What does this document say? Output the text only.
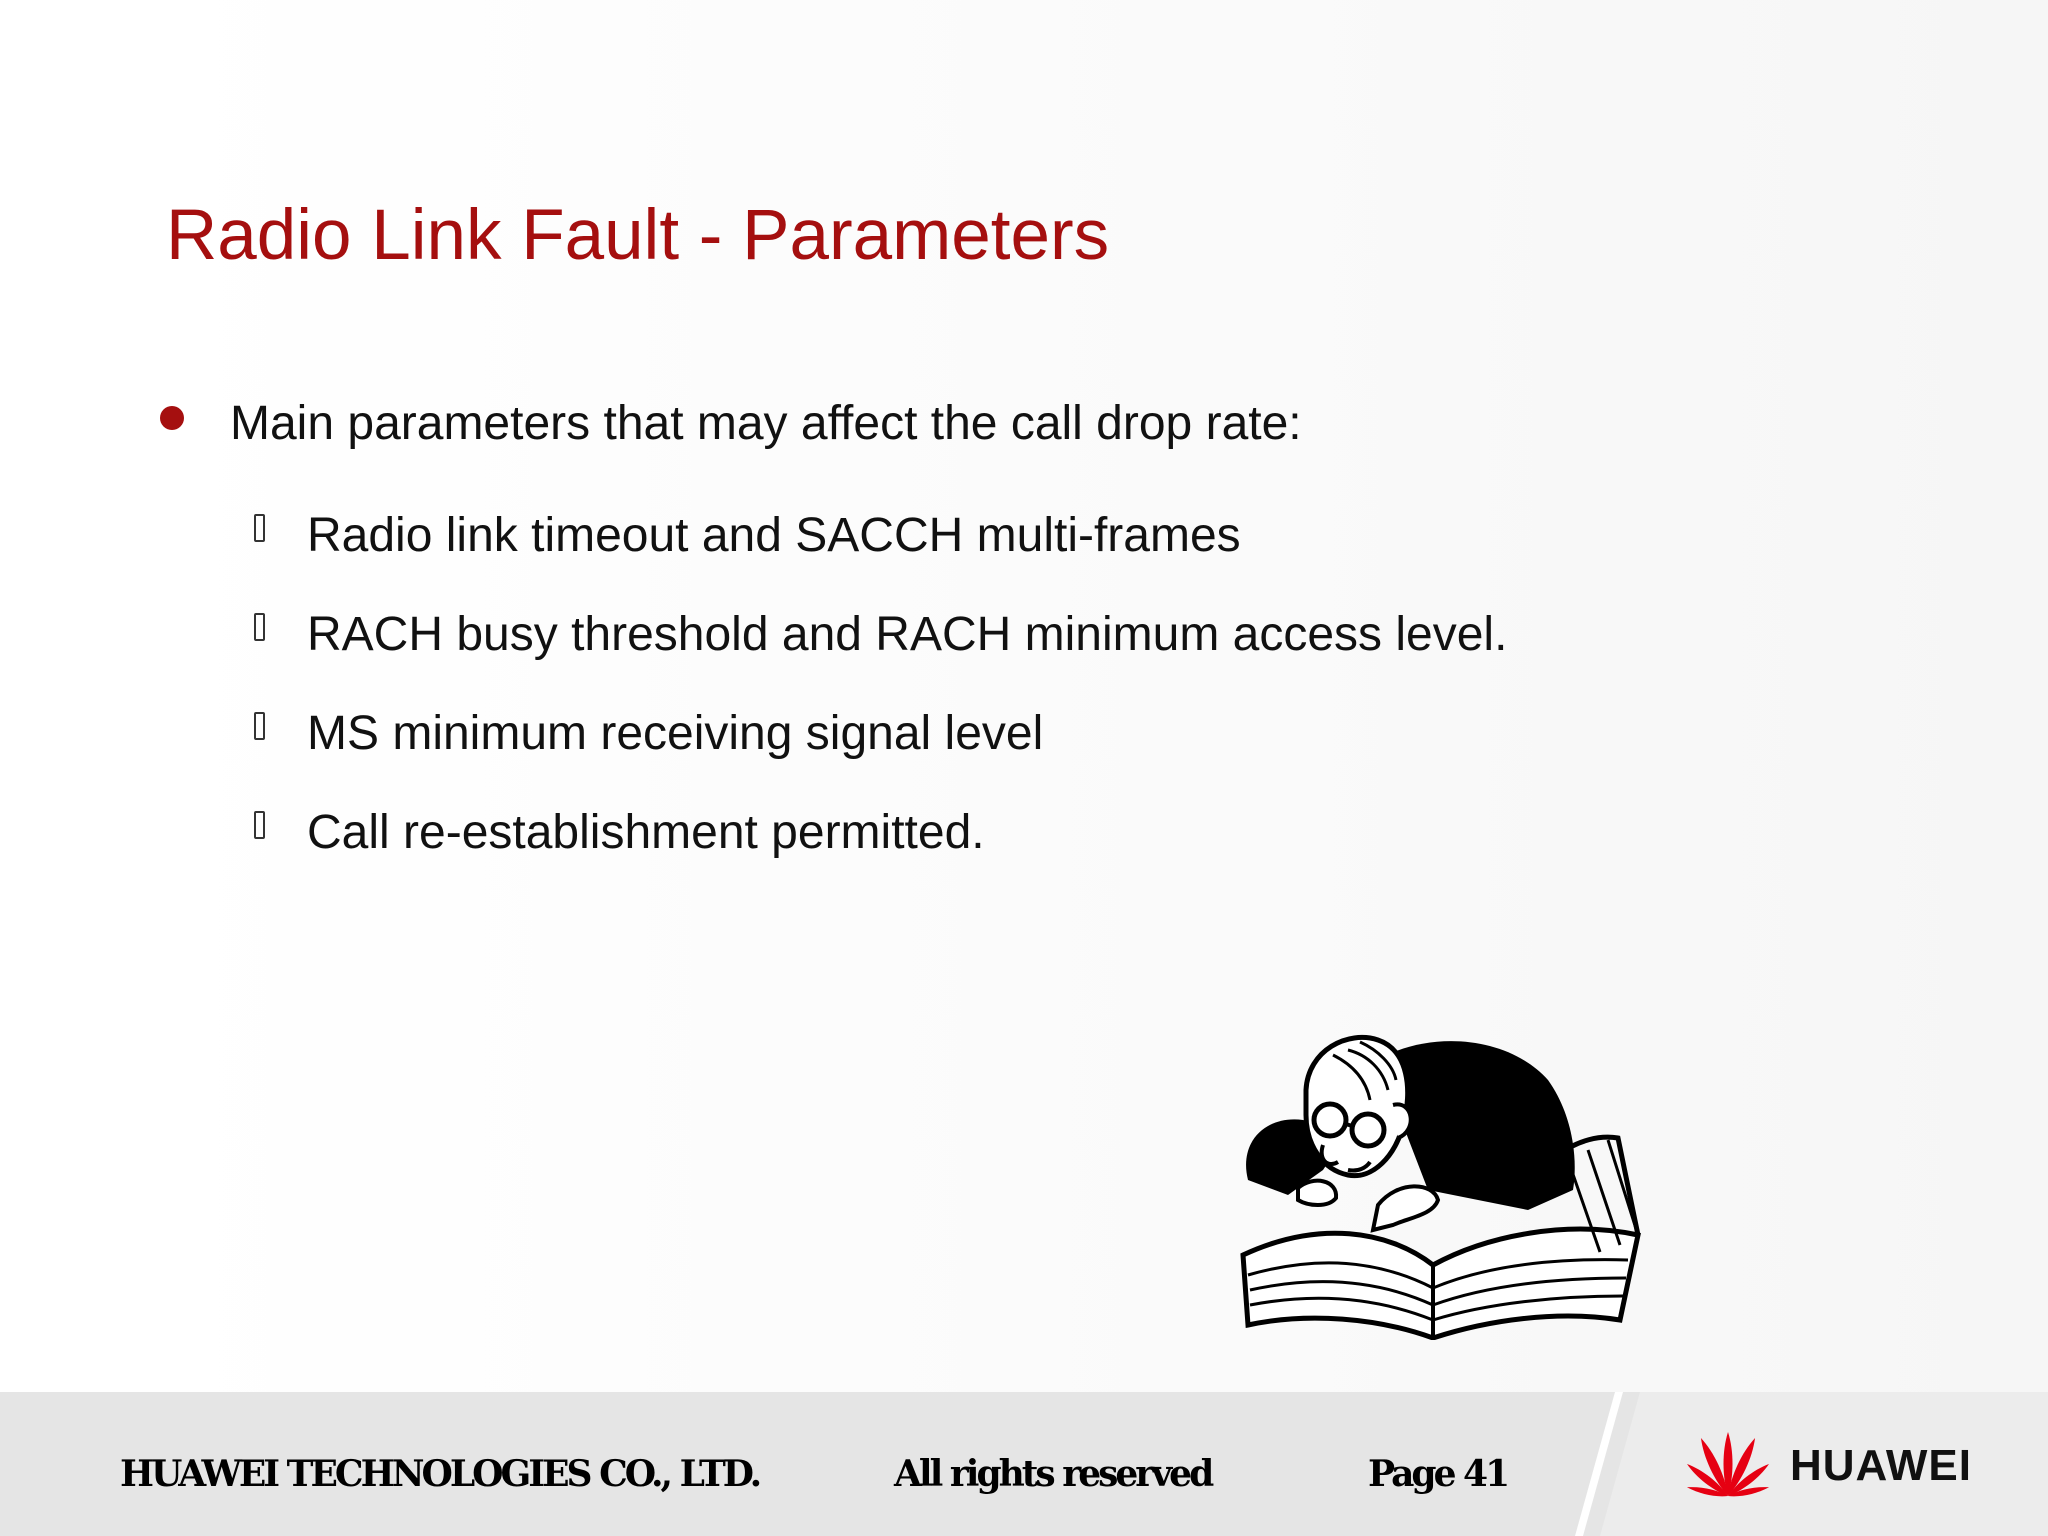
Radio Link Fault - Parameters
Main parameters that may affect the call drop rate:
Radio link timeout and SACCH multi-frames
RACH busy threshold and RACH minimum access level.
MS minimum receiving signal level
Call re-establishment permitted.
HUAWEI TECHNOLOGIES CO., LTD.	All rights reserved	Page 41	HUAWEI
